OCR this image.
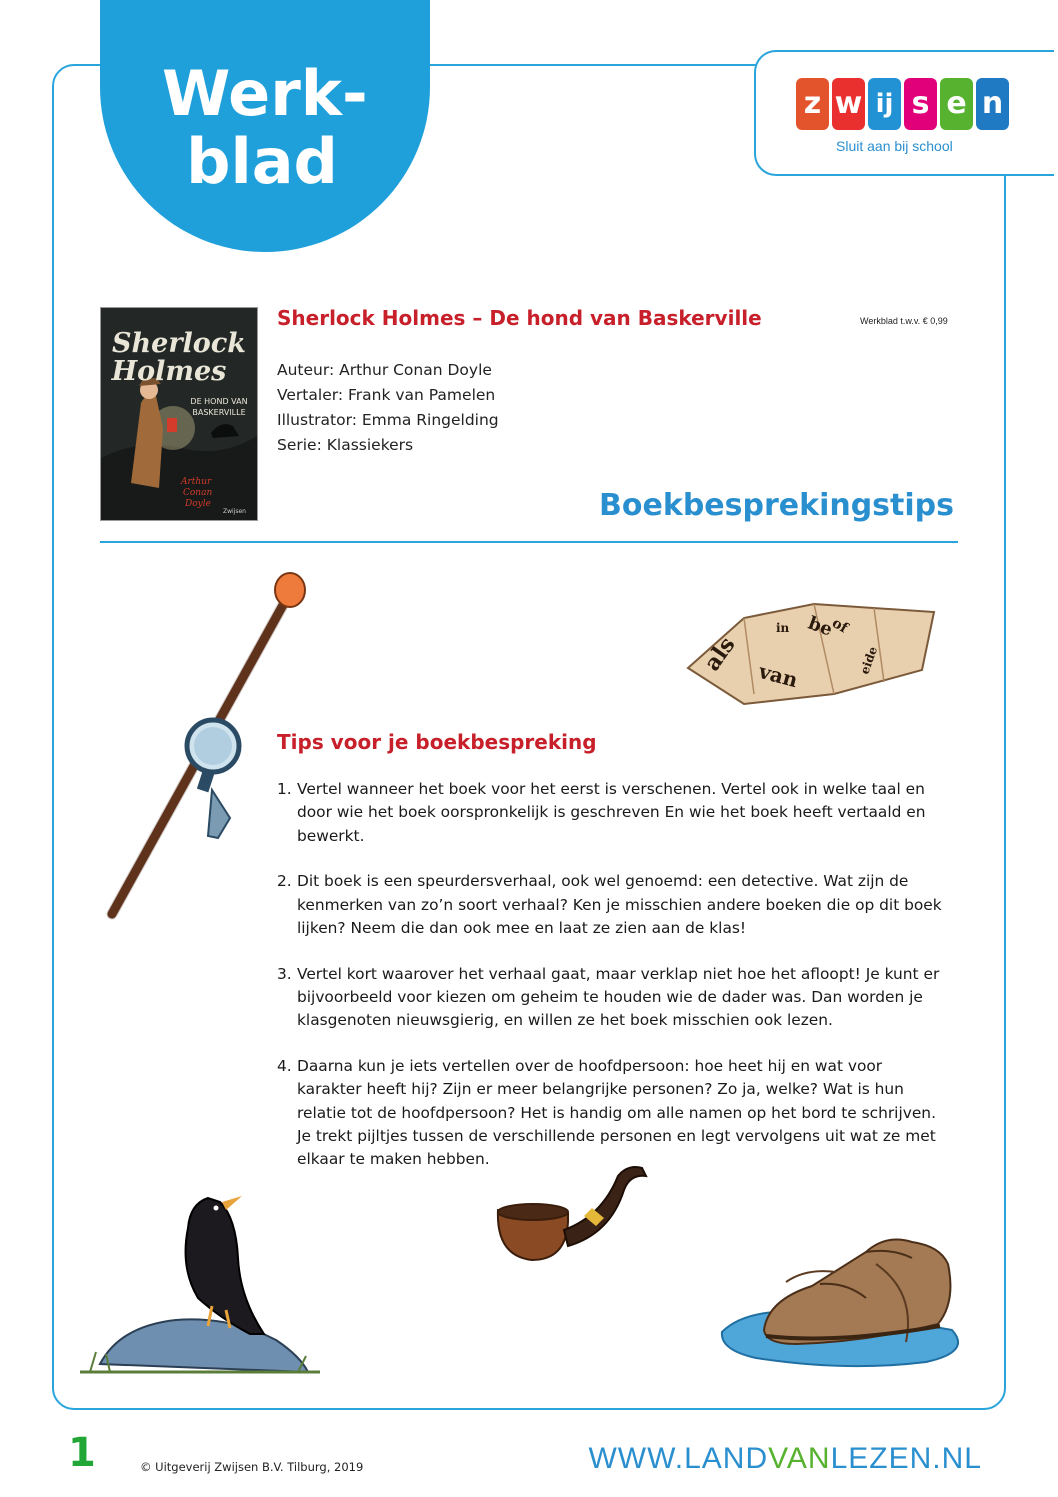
Werk-
blad
z w ij s e n
Sluit aan bij school
Sherlock
Holmes
DE HOND VAN
BASKERVILLE
Arthur
Conan
Doyle
Zwijsen
Sherlock Holmes – De hond van Baskerville	Werkblad t.w.v. € 0,99
Auteur: Arthur Conan Doyle
Vertaler: Frank van Pamelen
Illustrator: Emma Ringelding
Serie: Klassiekers
Boekbesprekingstips
als
in be
of
van	eide
Tips voor je boekbespreking
1. Vertel wanneer het boek voor het eerst is verschenen. Vertel ook in welke taal en door wie het boek oorspronkelijk is geschreven En wie het boek heeft vertaald en bewerkt.
2. Dit boek is een speurdersverhaal, ook wel genoemd: een detective. Wat zijn de kenmerken van zo’n soort verhaal? Ken je misschien andere boeken die op dit boek lijken? Neem die dan ook mee en laat ze zien aan de klas!
3. Vertel kort waarover het verhaal gaat, maar verklap niet hoe het afloopt! Je kunt er bijvoorbeeld voor kiezen om geheim te houden wie de dader was. Dan worden je klasgenoten nieuwsgierig, en willen ze het boek misschien ook lezen.
4. Daarna kun je iets vertellen over de hoofdpersoon: hoe heet hij en wat voor karakter heeft hij? Zijn er meer belangrijke personen? Zo ja, welke? Wat is hun relatie tot de hoofdpersoon? Het is handig om alle namen op het bord te schrijven. Je trekt pijltjes tussen de verschillende personen en legt vervolgens uit wat ze met elkaar te maken hebben.
1	© Uitgeverij Zwijsen B.V. Tilburg, 2019	WWW.LANDVANLEZEN.NL
